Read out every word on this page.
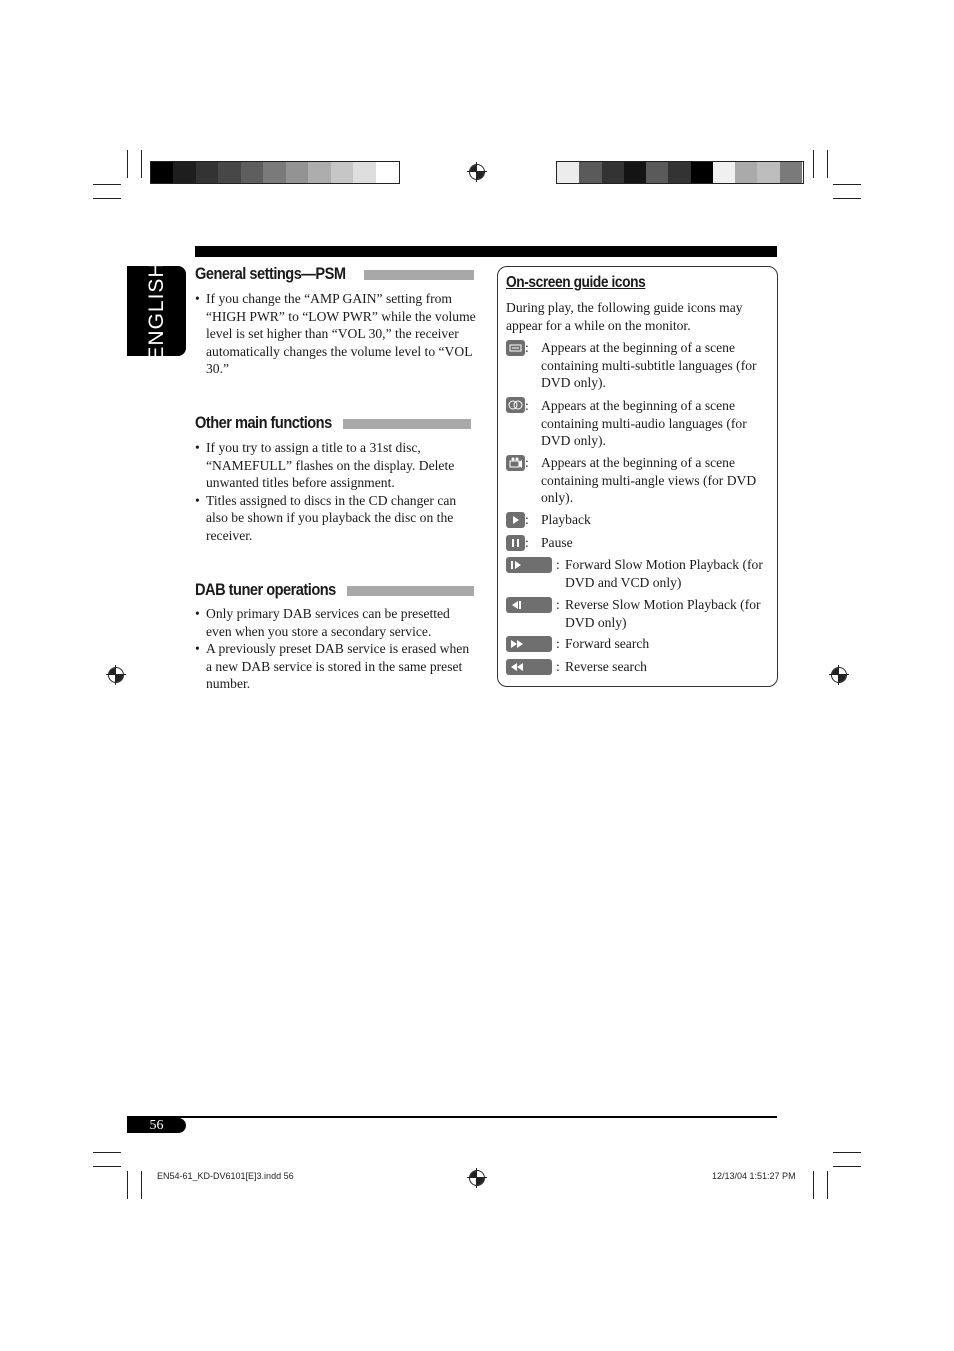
ENGLISH General settings—PSM

• If you change the “AMP GAIN” setting from “HIGH PWR” to “LOW PWR” while the volume level is set higher than “VOL 30,” the receiver automatically changes the volume level to “VOL 30.”

Other main functions

• If you try to assign a title to a 31st disc, “NAMEFULL” flashes on the display. Delete unwanted titles before assignment.

• Titles assigned to discs in the CD changer can also be shown if you playback the disc on the receiver.

DAB tuner operations

• Only primary DAB services can be presetted even when you store a secondary service.

• A previously preset DAB service is erased when a new DAB service is stored in the same preset number.

On-screen guide icons
During play, the following guide icons may appear for a while on the monitor.
: Appears at the beginning of a scene containing multi-subtitle languages (for DVD only).
: Appears at the beginning of a scene containing multi-audio languages (for DVD only).
: Appears at the beginning of a scene containing multi-angle views (for DVD only).
: Playback
: Pause
: Forward Slow Motion Playback (for DVD and VCD only)
: Reverse Slow Motion Playback (for DVD only)
: Forward search
: Reverse search
56
EN54-61_KD-DV6101[E]3.indd 56	12/13/04 1:51:27 PM
